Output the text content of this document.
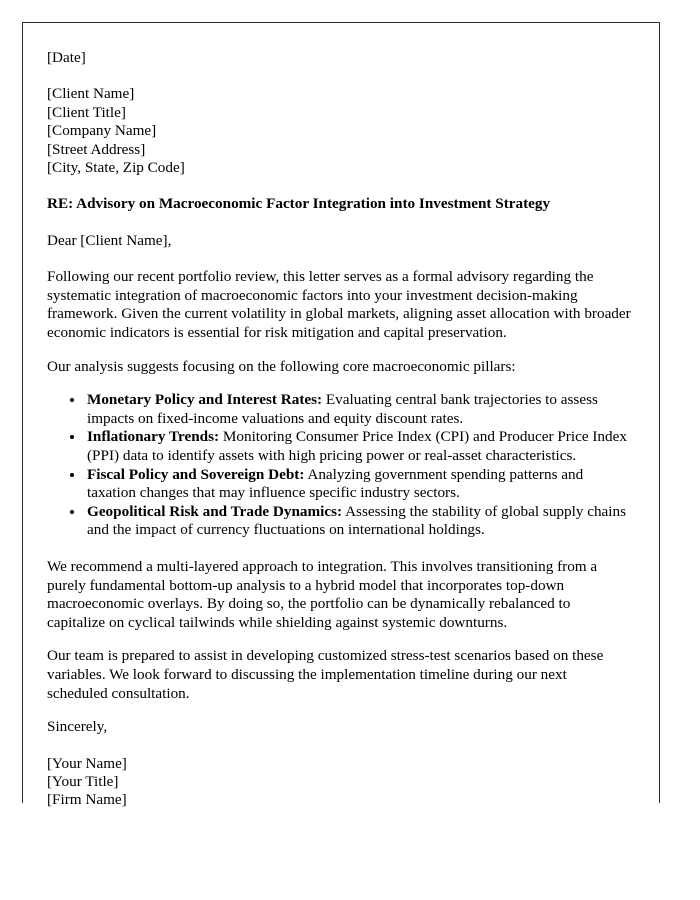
[Date]
[Client Name]
[Client Title]
[Company Name]
[Street Address]
[City, State, Zip Code]
RE: Advisory on Macroeconomic Factor Integration into Investment Strategy
Dear [Client Name],

Following our recent portfolio review, this letter serves as a formal advisory regarding the systematic integration of macroeconomic factors into your investment decision-making framework. Given the current volatility in global markets, aligning asset allocation with broader economic indicators is essential for risk mitigation and capital preservation.

Our analysis suggests focusing on the following core macroeconomic pillars:

• Monetary Policy and Interest Rates: Evaluating central bank trajectories to assess impacts on fixed-income valuations and equity discount rates.
• Inflationary Trends: Monitoring Consumer Price Index (CPI) and Producer Price Index (PPI) data to identify assets with high pricing power or real-asset characteristics.
• Fiscal Policy and Sovereign Debt: Analyzing government spending patterns and taxation changes that may influence specific industry sectors.
• Geopolitical Risk and Trade Dynamics: Assessing the stability of global supply chains and the impact of currency fluctuations on international holdings.

We recommend a multi-layered approach to integration. This involves transitioning from a purely fundamental bottom-up analysis to a hybrid model that incorporates top-down macroeconomic overlays. By doing so, the portfolio can be dynamically rebalanced to capitalize on cyclical tailwinds while shielding against systemic downturns.

Our team is prepared to assist in developing customized stress-test scenarios based on these variables. We look forward to discussing the implementation timeline during our next scheduled consultation.

Sincerely,
[Your Name]
[Your Title]
[Firm Name]
